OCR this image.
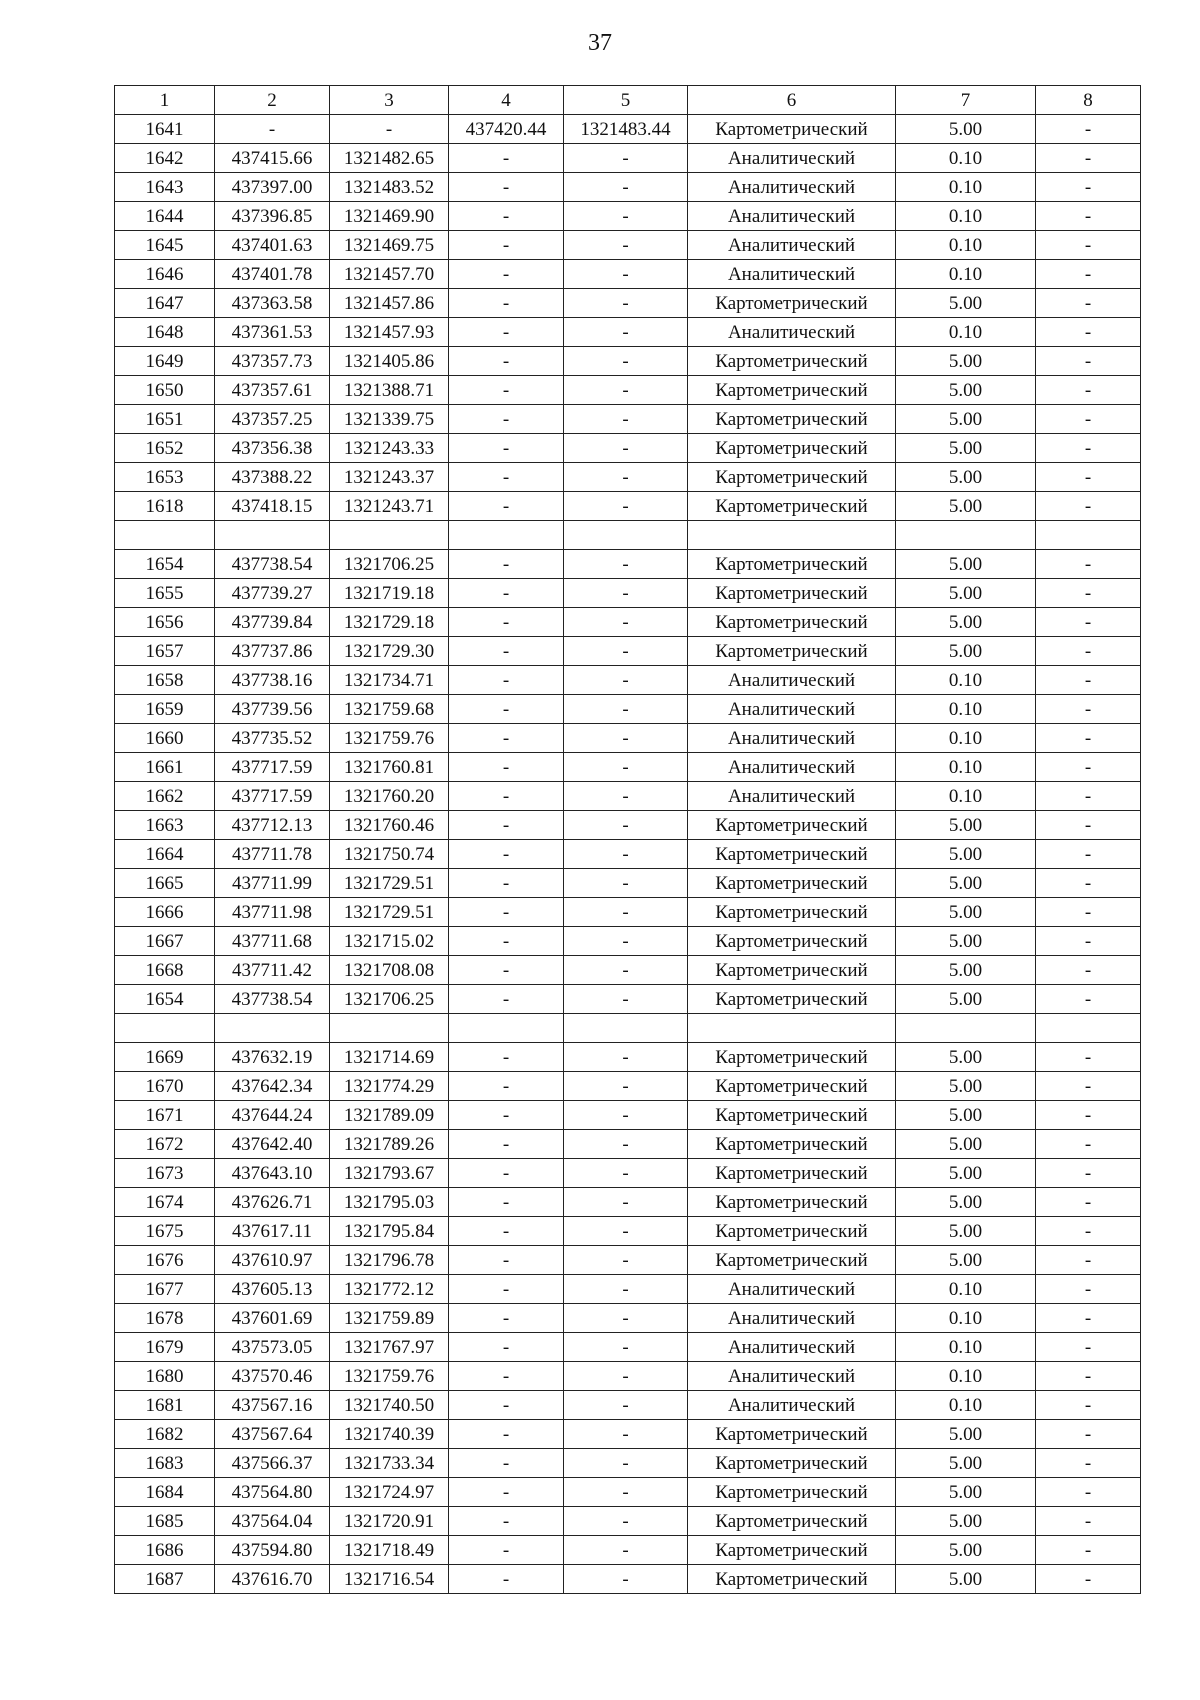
37
1	2	3	4	5	6	7	8
1641	-	-	437420.44	1321483.44	Картометрический	5.00	-
1642	437415.66	1321482.65	-	-	Аналитический	0.10	-
1643	437397.00	1321483.52	-	-	Аналитический	0.10	-
1644	437396.85	1321469.90	-	-	Аналитический	0.10	-
1645	437401.63	1321469.75	-	-	Аналитический	0.10	-
1646	437401.78	1321457.70	-	-	Аналитический	0.10	-
1647	437363.58	1321457.86	-	-	Картометрический	5.00	-
1648	437361.53	1321457.93	-	-	Аналитический	0.10	-
1649	437357.73	1321405.86	-	-	Картометрический	5.00	-
1650	437357.61	1321388.71	-	-	Картометрический	5.00	-
1651	437357.25	1321339.75	-	-	Картометрический	5.00	-
1652	437356.38	1321243.33	-	-	Картометрический	5.00	-
1653	437388.22	1321243.37	-	-	Картометрический	5.00	-
1618	437418.15	1321243.71	-	-	Картометрический	5.00	-

1654	437738.54	1321706.25	-	-	Картометрический	5.00	-
1655	437739.27	1321719.18	-	-	Картометрический	5.00	-
1656	437739.84	1321729.18	-	-	Картометрический	5.00	-
1657	437737.86	1321729.30	-	-	Картометрический	5.00	-
1658	437738.16	1321734.71	-	-	Аналитический	0.10	-
1659	437739.56	1321759.68	-	-	Аналитический	0.10	-
1660	437735.52	1321759.76	-	-	Аналитический	0.10	-
1661	437717.59	1321760.81	-	-	Аналитический	0.10	-
1662	437717.59	1321760.20	-	-	Аналитический	0.10	-
1663	437712.13	1321760.46	-	-	Картометрический	5.00	-
1664	437711.78	1321750.74	-	-	Картометрический	5.00	-
1665	437711.99	1321729.51	-	-	Картометрический	5.00	-
1666	437711.98	1321729.51	-	-	Картометрический	5.00	-
1667	437711.68	1321715.02	-	-	Картометрический	5.00	-
1668	437711.42	1321708.08	-	-	Картометрический	5.00	-
1654	437738.54	1321706.25	-	-	Картометрический	5.00	-

1669	437632.19	1321714.69	-	-	Картометрический	5.00	-
1670	437642.34	1321774.29	-	-	Картометрический	5.00	-
1671	437644.24	1321789.09	-	-	Картометрический	5.00	-
1672	437642.40	1321789.26	-	-	Картометрический	5.00	-
1673	437643.10	1321793.67	-	-	Картометрический	5.00	-
1674	437626.71	1321795.03	-	-	Картометрический	5.00	-
1675	437617.11	1321795.84	-	-	Картометрический	5.00	-
1676	437610.97	1321796.78	-	-	Картометрический	5.00	-
1677	437605.13	1321772.12	-	-	Аналитический	0.10	-
1678	437601.69	1321759.89	-	-	Аналитический	0.10	-
1679	437573.05	1321767.97	-	-	Аналитический	0.10	-
1680	437570.46	1321759.76	-	-	Аналитический	0.10	-
1681	437567.16	1321740.50	-	-	Аналитический	0.10	-
1682	437567.64	1321740.39	-	-	Картометрический	5.00	-
1683	437566.37	1321733.34	-	-	Картометрический	5.00	-
1684	437564.80	1321724.97	-	-	Картометрический	5.00	-
1685	437564.04	1321720.91	-	-	Картометрический	5.00	-
1686	437594.80	1321718.49	-	-	Картометрический	5.00	-
1687	437616.70	1321716.54	-	-	Картометрический	5.00	-
